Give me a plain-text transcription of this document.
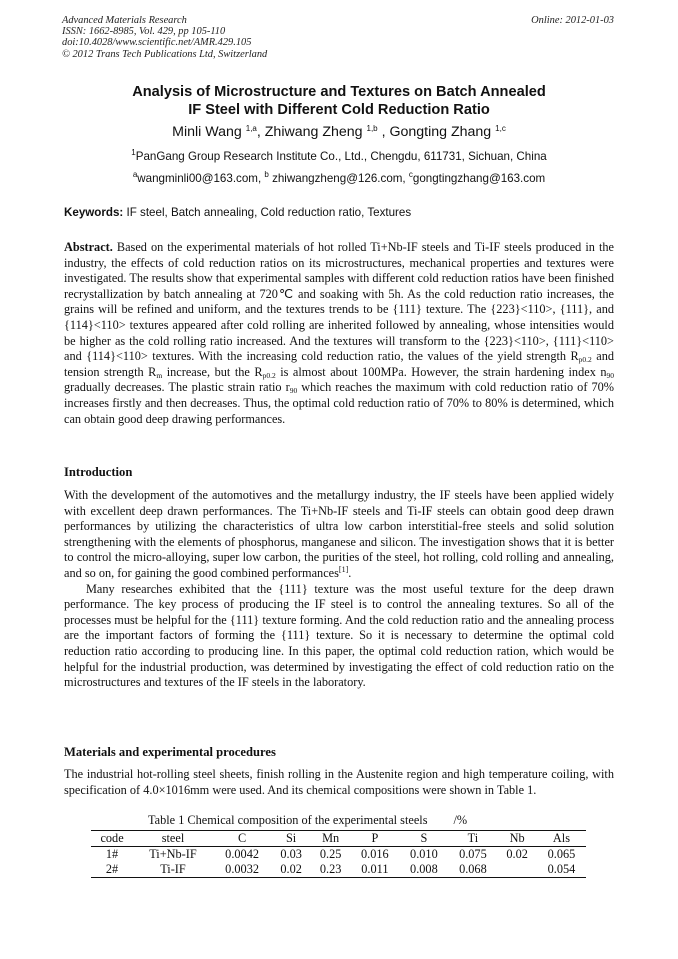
Advanced Materials Research
ISSN: 1662-8985, Vol. 429, pp 105-110
doi:10.4028/www.scientific.net/AMR.429.105
© 2012 Trans Tech Publications Ltd, Switzerland
Online: 2012-01-03
Analysis of Microstructure and Textures on Batch Annealed
IF Steel with Different Cold Reduction Ratio
Minli Wang $^{1,a}$, Zhiwang Zheng $^{1,b}$ , Gongting Zhang $^{1,c}$
$^1$PanGang Group Research Institute Co., Ltd., Chengdu, 611731, Sichuan, China
$^a$wangminli00@163.com, $^b$ zhiwangzheng@126.com, $^c$gongtingzhang@163.com
Keywords: IF steel, Batch annealing, Cold reduction ratio, Textures
Abstract. Based on the experimental materials of hot rolled Ti+Nb-IF steels and Ti-IF steels produced in the industry, the effects of cold reduction ratios on its microstructures, mechanical properties and textures were investigated. The results show that experimental samples with different cold reduction ratios have been finished recrystallization by batch annealing at 720℃ and soaking with 5h. As the cold reduction ratio increases, the grains will be refined and uniform, and the textures trends to be {111} texture. The {223}<110>, {111}, and {114}<110> textures appeared after cold rolling are inherited followed by annealing, whose intensities would be higher as the cold rolling ratio increased. And the textures will transform to the {223}<110>, {111}<110> and {114}<110> textures. With the increasing cold reduction ratio, the values of the yield strength $R_{p0.2}$ and tension strength $R_m$ increase, but the $R_{p0.2}$ is almost about 100MPa. However, the strain hardening index $n_{90}$ gradually decreases. The plastic strain ratio $r_{90}$ which reaches the maximum with cold reduction ratio of 70% increases firstly and then decreases. Thus, the optimal cold reduction ratio of 70% to 80% is determined, which can obtain good deep drawing performances.
Introduction
With the development of the automotives and the metallurgy industry, the IF steels have been applied widely with excellent deep drawn performances. The Ti+Nb-IF steels and Ti-IF steels can obtain good deep drawn performances by utilizing the characteristics of ultra low carbon interstitial-free steels and solid solution strengthening with the elements of phosphorus, manganese and silicon. The investigation shows that it is better to control the micro-alloying, super low carbon, the purities of the steel, hot rolling, cold rolling and annealing, and so on, for gaining the good combined performances[1].
Many researches exhibited that the {111} texture was the most useful texture for the deep drawn performance. The key process of producing the IF steel is to control the annealing textures. So all of the processes must be helpful for the {111} texture forming. And the cold reduction ratio and the annealing process are the important factors of forming the {111} texture. So it is necessary to determine the optimal cold reduction ratio according to producing line. In this paper, the optimal cold reduction ration, which would be helpful for the industrial production, was determined by investigating the effect of cold reduction ratio on the microstructures and textures of the IF steels in the laboratory.
Materials and experimental procedures
The industrial hot-rolling steel sheets, finish rolling in the Austenite region and high temperature coiling, with specification of 4.0×1016mm were used. And its chemical compositions were shown in Table 1.
Table 1 Chemical composition of the experimental steels /%
code	steel	C	Si	Mn	P	S	Ti	Nb	Als
1#	Ti+Nb-IF	0.0042	0.03	0.25	0.016	0.010	0.075	0.02	0.065
2#	Ti-IF	0.0032	0.02	0.23	0.011	0.008	0.068		0.054
